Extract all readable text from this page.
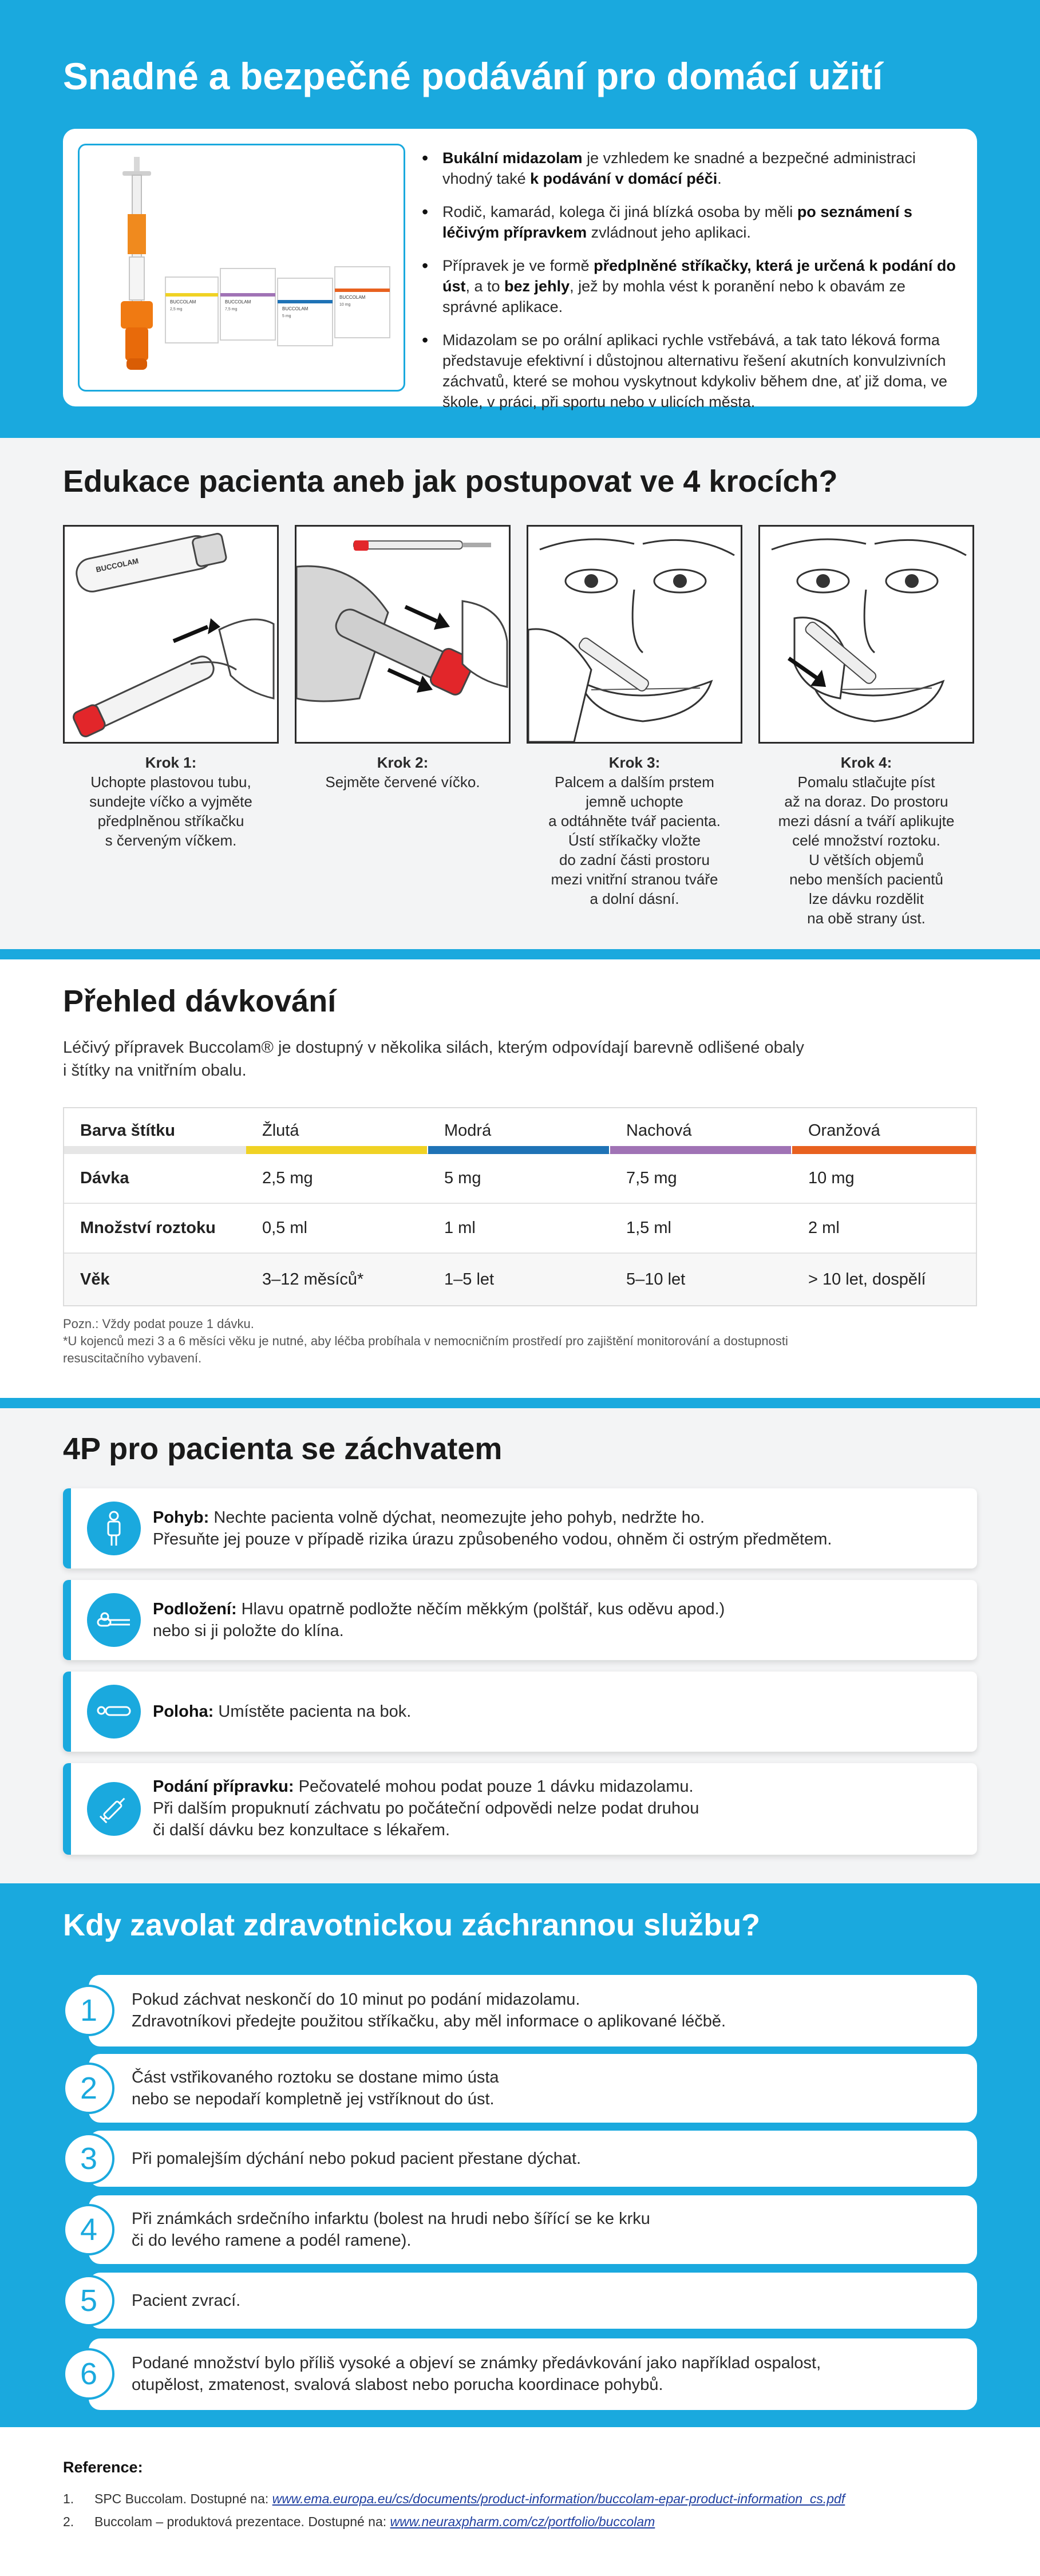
Snadné a bezpečné podávání pro domácí užití
BUCCOLAM
2,5 mg
BUCCOLAM
7,5 mg	BUCCOLAM
5 mg
BUCCOLAM
10 mg
• Bukální midazolam je vzhledem ke snadné a bezpečné administraci vhodný také k podávání v domácí péči.
• Rodič, kamarád, kolega či jiná blízká osoba by měli po seznámení s léčivým přípravkem zvládnout jeho aplikaci.
• Přípravek je ve formě předplněné stříkačky, která je určená k podání do úst, a to bez jehly, jež by mohla vést k poranění nebo k obavám ze správné aplikace.
• Midazolam se po orální aplikaci rychle vstřebává, a tak tato léková forma představuje efektivní i důstojnou alternativu řešení akutních konvulzivních záchvatů, které se mohou vyskytnout kdykoliv během dne, ať již doma, ve škole, v práci, při sportu nebo v ulicích města.
Edukace pacienta aneb jak postupovat ve 4 krocích?
BUCCOLAM
Krok 1:
Uchopte plastovou tubu,
sundejte víčko a vyjměte
předplněnou stříkačku
s červeným víčkem.
Krok 2:
Sejměte červené víčko.
Krok 3:
Palcem a dalším prstem
jemně uchopte
a odtáhněte tvář pacienta.
Ústí stříkačky vložte
do zadní části prostoru
mezi vnitřní stranou tváře
a dolní dásní.
Krok 4:
Pomalu stlačujte píst
až na doraz. Do prostoru
mezi dásní a tváří aplikujte
celé množství roztoku.
U větších objemů
nebo menších pacientů
lze dávku rozdělit
na obě strany úst.
Přehled dávkování

Léčivý přípravek Buccolam® je dostupný v několika silách, kterým odpovídají barevně odlišené obaly
i štítky na vnitřním obalu.

Barva štítku	Žlutá	Modrá	Nachová	Oranžová
Dávka	2,5 mg	5 mg	7,5 mg	10 mg
Množství roztoku	0,5 ml	1 ml	1,5 ml	2 ml
Věk	3–12 měsíců*	1–5 let	5–10 let	> 10 let, dospělí

Pozn.: Vždy podat pouze 1 dávku.
*U kojenců mezi 3 a 6 měsíci věku je nutné, aby léčba probíhala v nemocničním prostředí pro zajištění monitorování a dostupnosti
resuscitačního vybavení.

4P pro pacienta se záchvatem
Pohyb: Nechte pacienta volně dýchat, neomezujte jeho pohyb, nedržte ho.
Přesuňte jej pouze v případě rizika úrazu způsobeného vodou, ohněm či ostrým předmětem.
Podložení: Hlavu opatrně podložte něčím měkkým (polštář, kus oděvu apod.)
nebo si ji položte do klína.
Poloha: Umístěte pacienta na bok.
Podání přípravku: Pečovatelé mohou podat pouze 1 dávku midazolamu.
Při dalším propuknutí záchvatu po počáteční odpovědi nelze podat druhou
či další dávku bez konzultace s lékařem.
Kdy zavolat zdravotnickou záchrannou službu?
1	Pokud záchvat neskončí do 10 minut po podání midazolamu.
Zdravotníkovi předejte použitou stříkačku, aby měl informace o aplikované léčbě.
2	Část vstřikovaného roztoku se dostane mimo ústa
nebo se nepodaří kompletně jej vstříknout do úst.
3	Při pomalejším dýchání nebo pokud pacient přestane dýchat.
4	Při známkách srdečního infarktu (bolest na hrudi nebo šířící se ke krku
či do levého ramene a podél ramene).
5	Pacient zvrací.
6	Podané množství bylo příliš vysoké a objeví se známky předávkování jako například ospalost,
otupělost, zmatenost, svalová slabost nebo porucha koordinace pohybů.
Reference:
1. SPC Buccolam. Dostupné na: www.ema.europa.eu/cs/documents/product-information/buccolam-epar-product-information_cs.pdf
2. Buccolam – produktová prezentace. Dostupné na: www.neuraxpharm.com/cz/portfolio/buccolam
